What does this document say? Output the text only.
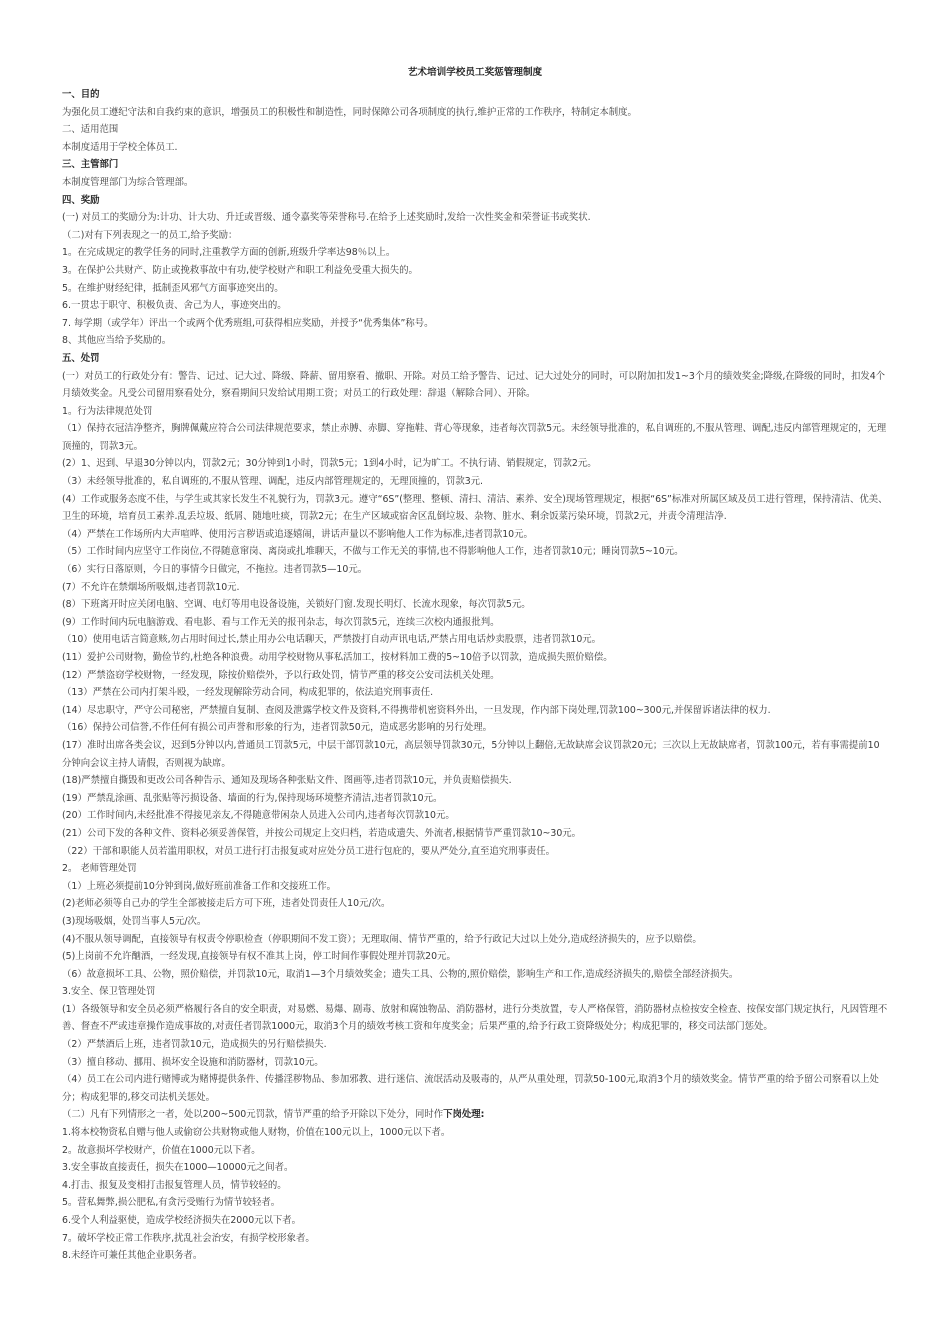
艺术培训学校员工奖惩管理制度

一、目的

为强化员工遵纪守法和自我约束的意识，增强员工的积极性和制造性，同时保障公司各项制度的执行,维护正常的工作秩序，特制定本制度。

二、适用范围

本制度适用于学校全体员工.

三、主管部门

本制度管理部门为综合管理部。

四、奖励

(一) 对员工的奖励分为:计功、计大功、升迁或晋级、通令嘉奖等荣誉称号.在给予上述奖励时,发给一次性奖金和荣誉证书或奖状.

（二)对有下列表现之一的员工,给予奖励：

1。在完成规定的教学任务的同时,注重教学方面的创新,班级升学率达98％以上。

3。在保护公共财产、防止或挽救事故中有功,使学校财产和职工利益免受重大损失的。

5。在维护财经纪律，抵制歪风邪气方面事迹突出的。

6.一贯忠于职守、积极负责、舍己为人，事迹突出的。

7. 每学期（或学年）评出一个或两个优秀班组,可获得相应奖励，并授予“优秀集体”称号。

8、其他应当给予奖励的。

五、处罚

(一）对员工的行政处分有：警告、记过、记大过、降级、降薪、留用察看、撤职、开除。对员工给予警告、记过、记大过处分的同时，可以附加扣发1~3个月的绩效奖金;降级,在降级的同时，扣发4个月绩效奖金。凡受公司留用察看处分，察看期间只发给试用期工资；对员工的行政处理：辞退（解除合同）、开除。

1。行为法律规范处罚

（1）保持衣冠洁净整齐，胸牌佩戴应符合公司法律规范要求，禁止赤膊、赤脚、穿拖鞋、背心等现象，违者每次罚款5元。未经领导批准的，私自调班的,不服从管理、调配,违反内部管理规定的，无理顶撞的，罚款3元。

(2）1、迟到、早退30分钟以内，罚款2元；30分钟到1小时，罚款5元；1到4小时，记为旷工。不执行请、销假规定，罚款2元。

（3）未经领导批准的，私自调班的,不服从管理、调配，违反内部管理规定的，无理顶撞的，罚款3元.

(4）工作或服务态度不佳，与学生或其家长发生不礼貌行为，罚款3元。遵守“6S”(整理、整顿、清扫、清洁、素养、安全)现场管理规定，根据“6S”标准对所属区域及员工进行管理，保持清洁、优美、卫生的环境，培育员工素养.乱丢垃圾、纸屑、随地吐痰，罚款2元；在生产区域或宿舍区乱倒垃圾、杂物、脏水、剩余饭菜污染环境，罚款2元，并责令清理洁净.

（4）严禁在工作场所内大声喧哗、使用污言秽语或追逐嬉闹，讲话声量以不影响他人工作为标准,违者罚款10元。

（5）工作时间内应坚守工作岗位,不得随意窜岗、离岗或扎堆聊天，不做与工作无关的事情,也不得影响他人工作，违者罚款10元；睡岗罚款5~10元。

（6）实行日落原则，今日的事情今日做完，不拖拉。违者罚款5—10元。

(7）不允许在禁烟场所吸烟,违者罚款10元.

(8）下班离开时应关闭电脑、空调、电灯等用电设备设施，关锁好门窗.发现长明灯、长流水现象，每次罚款5元。

(9）工作时间内玩电脑游戏、看电影、看与工作无关的报刊杂志，每次罚款5元，连续三次校内通报批判。

（10）使用电话言简意赅,勿占用时间过长,禁止用办公电话聊天，严禁拨打自动声讯电话,严禁占用电话炒卖股票，违者罚款10元。

(11）爱护公司财物，勤俭节约,杜绝各种浪费。动用学校财物从事私活加工，按材料加工费的5~10倍予以罚款，造成损失照价赔偿。

(12）严禁盗窃学校财物，一经发现，除按价赔偿外，予以行政处罚，情节严重的移交公安司法机关处理。

（13）严禁在公司内打架斗殴，一经发现解除劳动合同，构成犯罪的，依法追究刑事责任.

(14）尽忠职守，严守公司秘密，严禁擅自复制、查阅及泄露学校文件及资料,不得携带机密资料外出，一旦发现，作内部下岗处理,罚款100~300元,并保留诉诸法律的权力.

（16）保持公司信誉,不作任何有损公司声誉和形象的行为，违者罚款50元，造成恶劣影响的另行处理。

(17）准时出席各类会议，迟到5分钟以内,普通员工罚款5元，中层干部罚款10元，高层领导罚款30元，5分钟以上翻倍,无故缺席会议罚款20元；三次以上无故缺席者，罚款100元，若有事需提前10分钟向会议主持人请假，否则视为缺席。

(18)严禁擅自撕毁和更改公司各种告示、通知及现场各种张贴文件、图画等,违者罚款10元，并负责赔偿损失.

(19）严禁乱涂画、乱张贴等污损设备、墙面的行为,保持现场环境整齐清洁,违者罚款10元。

(20）工作时间内,未经批准不得接见亲友,不得随意带闲杂人员进入公司内,违者每次罚款10元。

(21）公司下发的各种文件、资料必须妥善保管，并按公司规定上交归档，若造成遗失、外流者,根据情节严重罚款10~30元。

（22）干部和职能人员若滥用职权，对员工进行打击报复或对应处分员工进行包庇的，要从严处分,直至追究刑事责任。

2。 老师管理处罚

（1）上班必须提前10分钟到岗,做好班前准备工作和交接班工作。

(2)老师必须等自己办的学生全部被接走后方可下班，违者处罚责任人10元/次。

(3)现场吸烟，处罚当事人5元/次。

(4)不服从领导调配，直接领导有权责令停职检查（停职期间不发工资）；无理取闹、情节严重的，给予行政记大过以上处分,造成经济损失的，应予以赔偿。

(5)上岗前不允许酗酒，一经发现,直接领导有权不准其上岗，停工时间作事假处理并罚款20元。

（6）故意损坏工具、公物，照价赔偿，并罚款10元，取消1—3个月绩效奖金；遗失工具、公物的,照价赔偿，影响生产和工作,造成经济损失的,赔偿全部经济损失。

3.安全、保卫管理处罚

(1）各级领导和安全员必须严格履行各自的安全职责，对易燃、易爆、剧毒、放射和腐蚀物品、消防器材，进行分类放置，专人严格保管，消防器材点检按安全检查、按保安部门规定执行，凡因管理不善、督查不严或违章操作造成事故的,对责任者罚款1000元，取消3个月的绩效考核工资和年度奖金；后果严重的,给予行政工资降级处分；构成犯罪的，移交司法部门惩处。

（2）严禁酒后上班，违者罚款10元，造成损失的另行赔偿损失.

（3）擅自移动、挪用、损坏安全设施和消防器材，罚款10元。

（4）员工在公司内进行赌博或为赌博提供条件、传播淫秽物品、参加邪教、进行迷信、流氓活动及吸毒的，从严从重处理，罚款50-100元,取消3个月的绩效奖金。情节严重的给予留公司察看以上处分；构成犯罪的,移交司法机关惩处。

（二）凡有下列情形之一者，处以200~500元罚款，情节严重的给予开除以下处分，同时作下岗处理:

1.将本校物资私自赠与他人或偷窃公共财物或他人财物，价值在100元以上，1000元以下者。

2。故意损坏学校财产，价值在1000元以下者。

3.安全事故直接责任，损失在1000—10000元之间者。

4.打击、报复及变相打击报复管理人员，情节较轻的。

5。营私舞弊,损公肥私,有贪污受贿行为情节较轻者。

6.受个人利益驱使，造成学校经济损失在2000元以下者。

7。破坏学校正常工作秩序,扰乱社会治安，有损学校形象者。

8.未经许可兼任其他企业职务者。
